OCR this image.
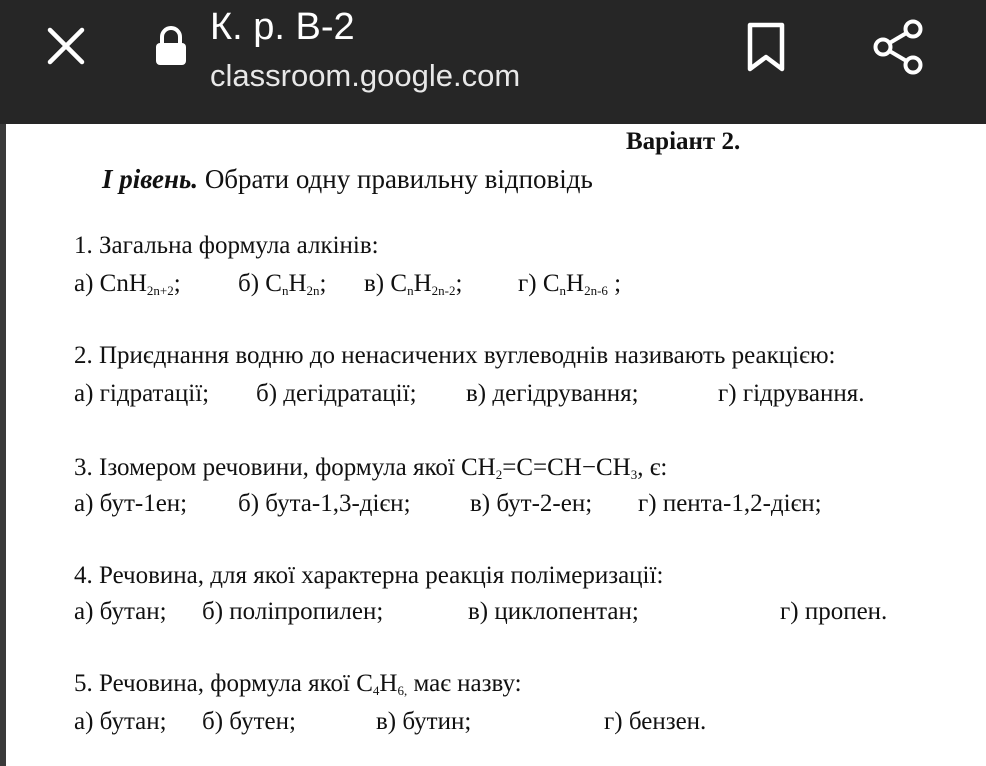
К. р. В-2
classroom.google.com
Варіант 2.
І рівень. Обрати одну правильну відповідь
1. Загальна формула алкінів:
а) CnH$_{2n+2}$; б) $C_nH_{2n}$; в) $C_nH_{2n-2}$; г) $C_nH_{2n-6}$ ;
2. Приєднання водню до ненасичених вуглеводнів називають реакцією:
а) гідратації; б) дегідратації; в) дегідрування;	г) гідрування.
3. Ізомером речовини, формула якої $CH_2=C=CH-CH_3$, є:
а) бут-1ен; б) бута-1,3-дієн; в) бут-2-ен; г) пента-1,2-дієн;
4. Речовина, для якої характерна реакція полімеризації:
а) бутан; б) поліпропилен;	в) циклопентан;	г) пропен.
5. Речовина, формула якої $C_4H_{6,}$ має назву:
а) бутан; б) бутен;	в) бутин;	г) бензен.
